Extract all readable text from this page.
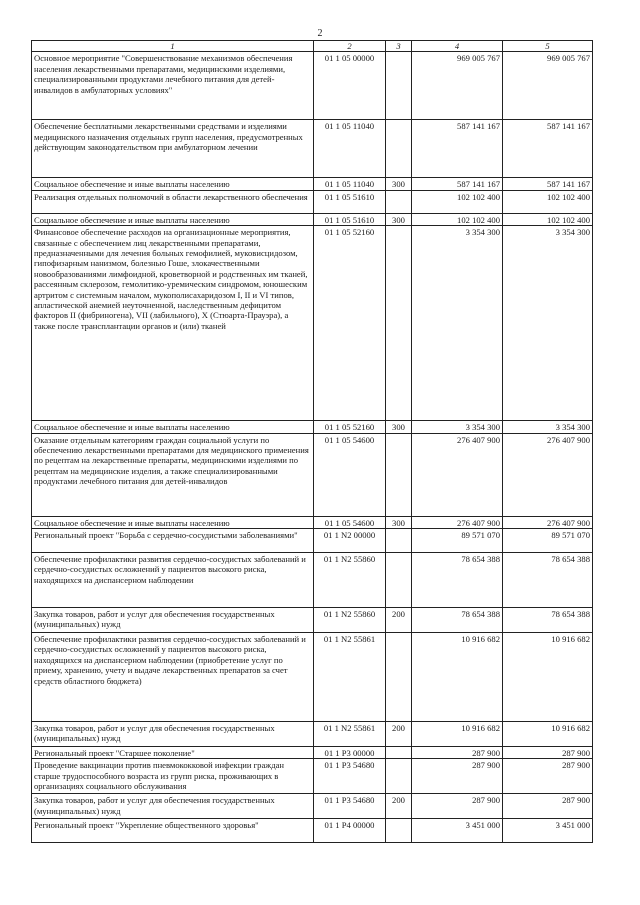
2
1	2	3	4	5
Основное мероприятие "Совершенствование механизмов обеспечения населения лекарственными препаратами, медицинскими изделиями, специализированными продуктами лечебного питания для детей-инвалидов в амбулаторных условиях"	01 1 05 00000		969 005 767	969 005 767
Обеспечение бесплатными лекарственными средствами и изделиями медицинского назначения отдельных групп населения, предусмотренных действующим законодательством при амбулаторном лечении	01 1 05 11040		587 141 167	587 141 167
Социальное обеспечение и иные выплаты населению	01 1 05 11040	300	587 141 167	587 141 167
Реализация отдельных полномочий в области лекарственного обеспечения	01 1 05 51610		102 102 400	102 102 400
Социальное обеспечение и иные выплаты населению	01 1 05 51610	300	102 102 400	102 102 400
Финансовое обеспечение расходов на организационные мероприятия, связанные с обеспечением лиц лекарственными препаратами, предназначенными для лечения больных гемофилией, муковисцидозом, гипофизарным нанизмом, болезнью Гоше, злокачественными новообразованиями лимфоидной, кроветворной и родственных им тканей, рассеянным склерозом, гемолитико-уремическим синдромом, юношеским артритом с системным началом, мукополисахаридозом I, II и VI типов, апластической анемией неуточненной, наследственным дефицитом факторов II (фибриногена), VII (лабильного), X (Стюарта-Прауэра), а также после трансплантации органов и (или) тканей	01 1 05 52160		3 354 300	3 354 300
Социальное обеспечение и иные выплаты населению	01 1 05 52160	300	3 354 300	3 354 300
Оказание отдельным категориям граждан социальной услуги по обеспечению лекарственными препаратами для медицинского применения по рецептам на лекарственные препараты, медицинскими изделиями по рецептам на медицинские изделия, а также специализированными продуктами лечебного питания для детей-инвалидов	01 1 05 54600		276 407 900	276 407 900
Социальное обеспечение и иные выплаты населению	01 1 05 54600	300	276 407 900	276 407 900
Региональный проект "Борьба с сердечно-сосудистыми заболеваниями"	01 1 N2 00000		89 571 070	89 571 070
Обеспечение профилактики развития сердечно-сосудистых заболеваний и сердечно-сосудистых осложнений у пациентов высокого риска, находящихся на диспансерном наблюдении	01 1 N2 55860		78 654 388	78 654 388
Закупка товаров, работ и услуг для обеспечения государственных (муниципальных) нужд	01 1 N2 55860	200	78 654 388	78 654 388
Обеспечение профилактики развития сердечно-сосудистых заболеваний и сердечно-сосудистых осложнений у пациентов высокого риска, находящихся на диспансерном наблюдении (приобретение услуг по приему, хранению, учету и выдаче лекарственных препаратов за счет средств областного бюджета)	01 1 N2 55861		10 916 682	10 916 682
Закупка товаров, работ и услуг для обеспечения государственных (муниципальных) нужд	01 1 N2 55861	200	10 916 682	10 916 682
Региональный проект "Старшее поколение"	01 1 P3 00000		287 900	287 900
Проведение вакцинации против пневмококковой инфекции граждан старше трудоспособного возраста из групп риска, проживающих в организациях социального обслуживания	01 1 P3 54680		287 900	287 900
Закупка товаров, работ и услуг для обеспечения государственных (муниципальных) нужд	01 1 P3 54680	200	287 900	287 900
Региональный проект "Укрепление общественного здоровья"	01 1 P4 00000		3 451 000	3 451 000
